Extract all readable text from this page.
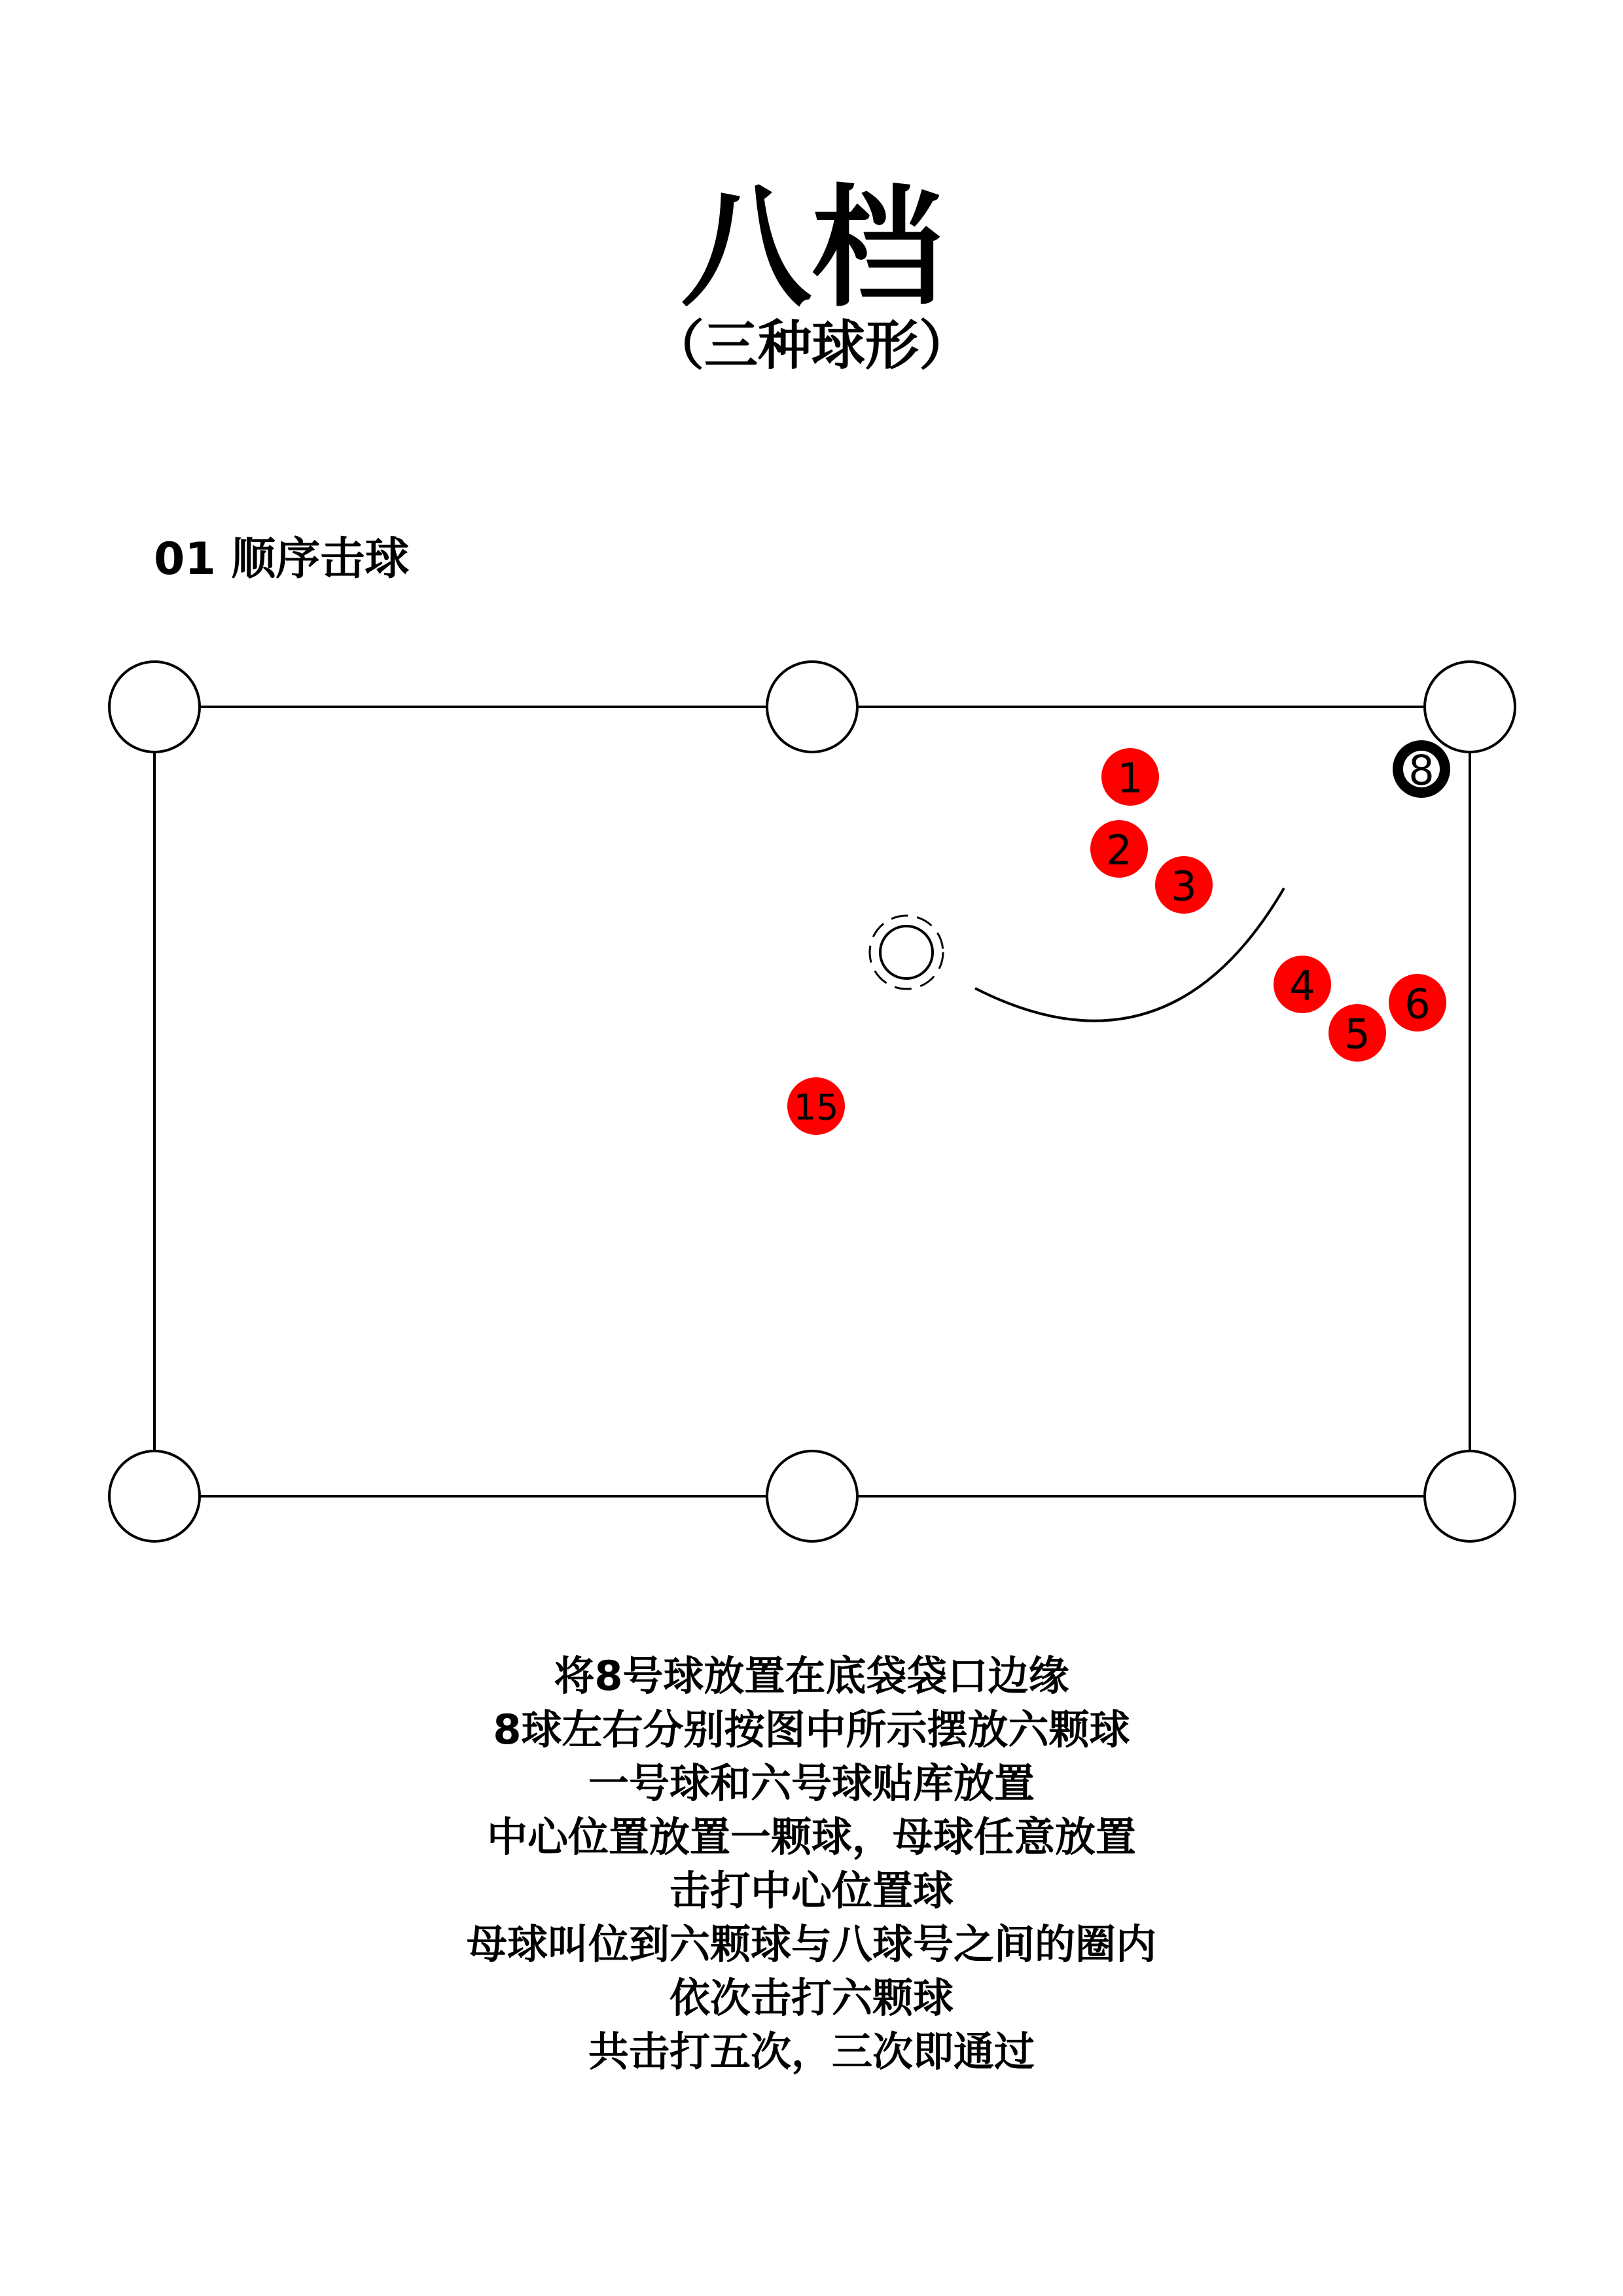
八档
（三种球形）
01 顺序击球
1
2
3
4
5
6
15
8
将8号球放置在底袋袋口边缘
8球左右分别按图中所示摆放六颗球
一号球和六号球贴库放置
中心位置放置一颗球，母球任意放置
击打中心位置球
母球叫位到六颗球与八球号之间的圈内
依次击打六颗球
共击打五次，三次即通过
